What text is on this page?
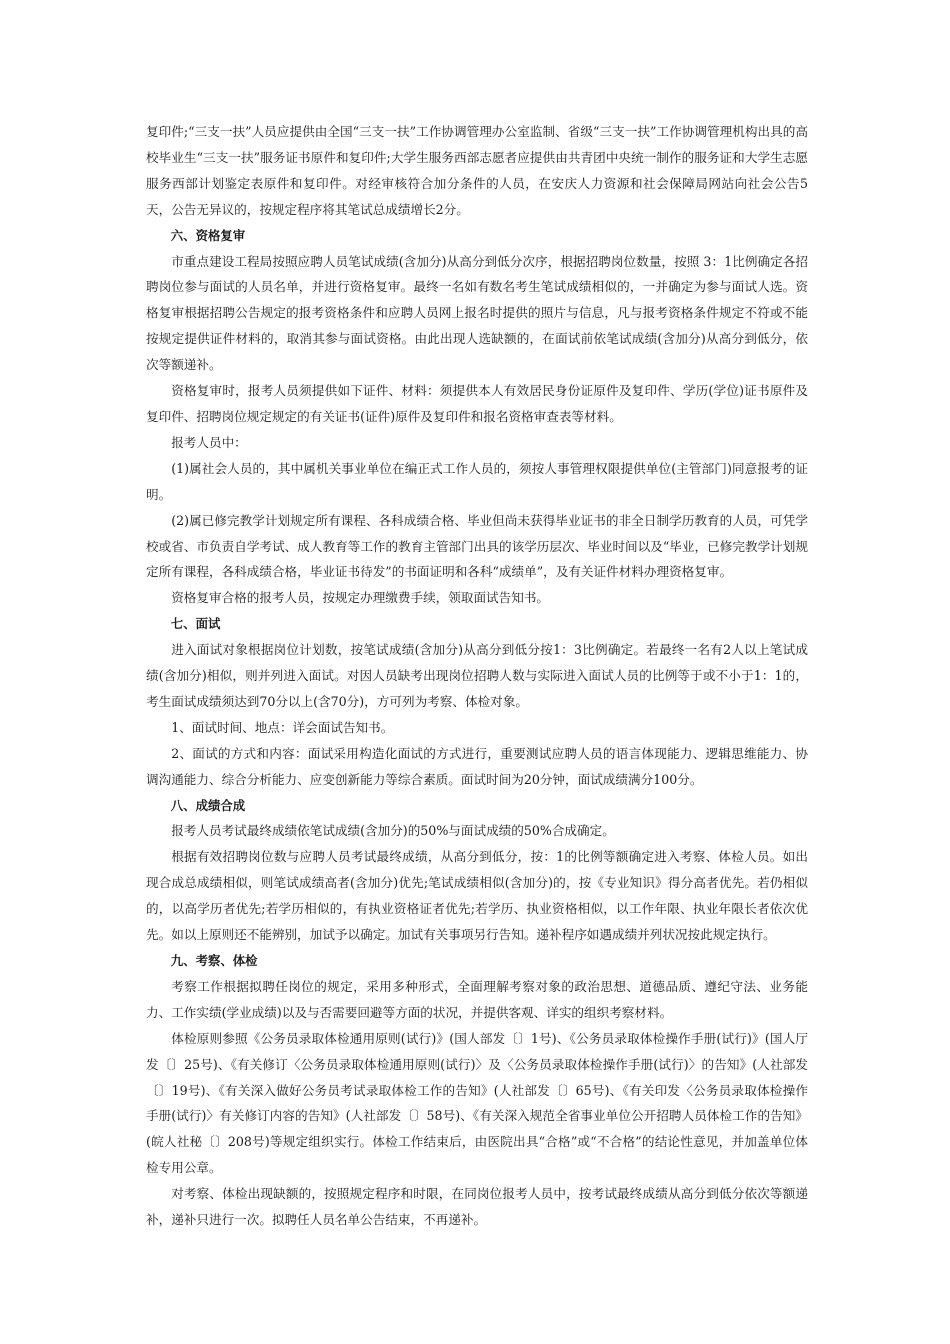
复印件;“三支一扶”人员应提供由全国“三支一扶”工作协调管理办公室监制、省级“三支一扶”工作协调管理机构出具的高校毕业生“三支一扶”服务证书原件和复印件;大学生服务西部志愿者应提供由共青团中央统一制作的服务证和大学生志愿服务西部计划鉴定表原件和复印件。对经审核符合加分条件的人员，在安庆人力资源和社会保障局网站向社会公告5天，公告无异议的，按规定程序将其笔试总成绩增长2分。

六、资格复审

市重点建设工程局按照应聘人员笔试成绩(含加分)从高分到低分次序，根据招聘岗位数量，按照 3：1比例确定各招聘岗位参与面试的人员名单，并进行资格复审。最终一名如有数名考生笔试成绩相似的，一并确定为参与面试人选。资格复审根据招聘公告规定的报考资格条件和应聘人员网上报名时提供的照片与信息，凡与报考资格条件规定不符或不能按规定提供证件材料的，取消其参与面试资格。由此出现人选缺额的，在面试前依笔试成绩(含加分)从高分到低分，依次等额递补。

资格复审时，报考人员须提供如下证件、材料：须提供本人有效居民身份证原件及复印件、学历(学位)证书原件及复印件、招聘岗位规定规定的有关证书(证件)原件及复印件和报名资格审查表等材料。

报考人员中：

(1)属社会人员的，其中属机关事业单位在编正式工作人员的，须按人事管理权限提供单位(主管部门)同意报考的证明。

(2)属已修完教学计划规定所有课程、各科成绩合格、毕业但尚未获得毕业证书的非全日制学历教育的人员，可凭学校或省、市负责自学考试、成人教育等工作的教育主管部门出具的该学历层次、毕业时间以及“毕业，已修完教学计划规定所有课程，各科成绩合格，毕业证书待发”的书面证明和各科“成绩单”，及有关证件材料办理资格复审。

资格复审合格的报考人员，按规定办理缴费手续，领取面试告知书。

七、面试

进入面试对象根据岗位计划数，按笔试成绩(含加分)从高分到低分按1：3比例确定。若最终一名有2人以上笔试成绩(含加分)相似，则并列进入面试。对因人员缺考出现岗位招聘人数与实际进入面试人员的比例等于或不小于1：1的，考生面试成绩须达到70分以上(含70分)，方可列为考察、体检对象。

1、面试时间、地点：详会面试告知书。

2、面试的方式和内容：面试采用构造化面试的方式进行，重要测试应聘人员的语言体现能力、逻辑思维能力、协调沟通能力、综合分析能力、应变创新能力等综合素质。面试时间为20分钟，面试成绩满分100分。

八、成绩合成

报考人员考试最终成绩依笔试成绩(含加分)的50%与面试成绩的50%合成确定。

根据有效招聘岗位数与应聘人员考试最终成绩，从高分到低分，按：1的比例等额确定进入考察、体检人员。如出现合成总成绩相似，则笔试成绩高者(含加分)优先;笔试成绩相似(含加分)的，按《专业知识》得分高者优先。若仍相似的，以高学历者优先;若学历相似的，有执业资格证者优先;若学历、执业资格相似，以工作年限、执业年限长者依次优先。如以上原则还不能辨别，加试予以确定。加试有关事项另行告知。递补程序如遇成绩并列状况按此规定执行。

九、考察、体检

考察工作根据拟聘任岗位的规定，采用多种形式，全面理解考察对象的政治思想、道德品质、遵纪守法、业务能力、工作实绩(学业成绩)以及与否需要回避等方面的状况，并提供客观、详实的组织考察材料。

体检原则参照《公务员录取体检通用原则(试行)》(国人部发〔〕1号)、《公务员录取体检操作手册(试行)》(国人厅发〔〕25号)、《有关修订〈公务员录取体检通用原则(试行)〉及〈公务员录取体检操作手册(试行)〉的告知》(人社部发〔〕19号)、《有关深入做好公务员考试录取体检工作的告知》(人社部发〔〕65号)、《有关印发〈公务员录取体检操作手册(试行)〉有关修订内容的告知》(人社部发〔〕58号)、《有关深入规范全省事业单位公开招聘人员体检工作的告知》(皖人社秘〔〕208号)等规定组织实行。体检工作结束后，由医院出具“合格”或“不合格”的结论性意见，并加盖单位体检专用公章。

对考察、体检出现缺额的，按照规定程序和时限，在同岗位报考人员中，按考试最终成绩从高分到低分依次等额递补，递补只进行一次。拟聘任人员名单公告结束，不再递补。
